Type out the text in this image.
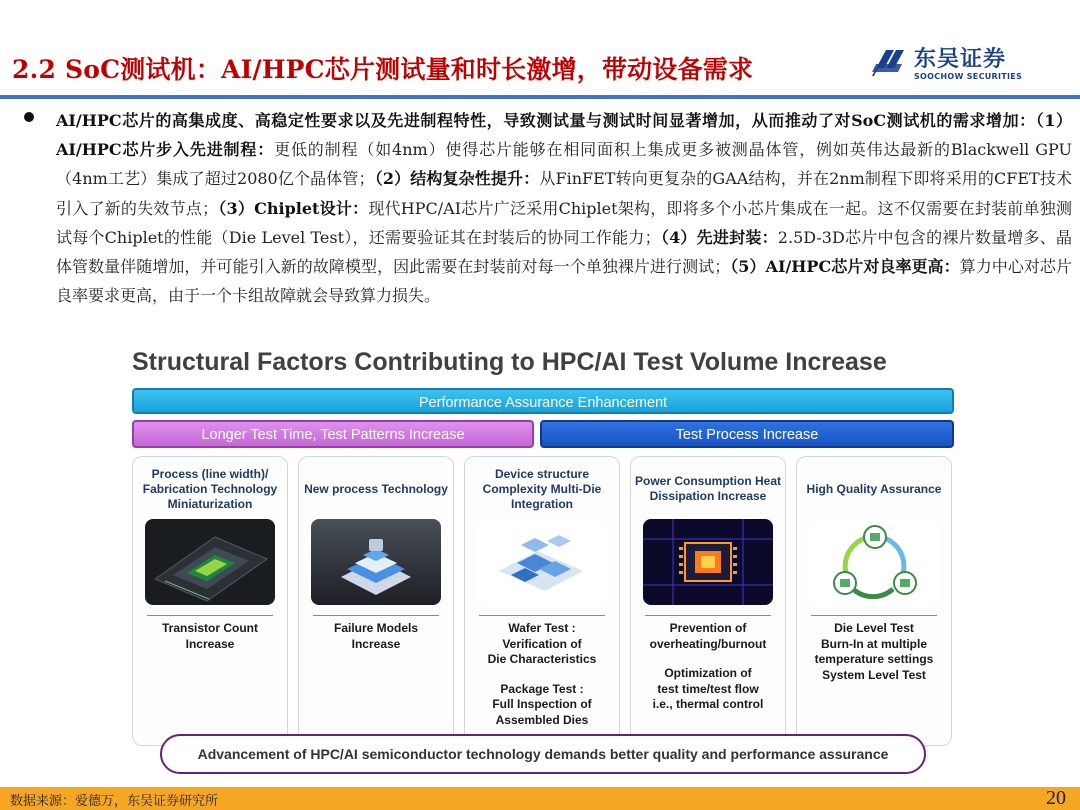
2.2 SoC测试机：AI/HPC芯片测试量和时长激增，带动设备需求	东吴证券
SOOCHOW SECURITIES

AI/HPC芯片的高集成度、高稳定性要求以及先进制程特性，导致测试量与测试时间显著增加，从而推动了对SoC测试机的需求增加：（1）AI/HPC芯片步入先进制程：更低的制程（如4nm）使得芯片能够在相同面积上集成更多被测晶体管，例如英伟达最新的Blackwell GPU（4nm工艺）集成了超过2080亿个晶体管；（2）结构复杂性提升：从FinFET转向更复杂的GAA结构，并在2nm制程下即将采用的CFET技术引入了新的失效节点；（3）Chiplet设计：现代HPC/AI芯片广泛采用Chiplet架构，即将多个小芯片集成在一起。这不仅需要在封装前单独测试每个Chiplet的性能（Die Level Test），还需要验证其在封装后的协同工作能力；（4）先进封装：2.5D-3D芯片中包含的裸片数量增多、晶体管数量伴随增加，并可能引入新的故障模型，因此需要在封装前对每一个单独裸片进行测试；（5）AI/HPC芯片对良率更高：算力中心对芯片良率要求更高，由于一个卡组故障就会导致算力损失。

Structural Factors Contributing to HPC/AI Test Volume Increase
Performance Assurance Enhancement
Longer Test Time, Test Patterns Increase	Test Process Increase
Process (line width)/ Fabrication Technology Miniaturization
Transistor Count
Increase
New process Technology
Failure Models
Increase
Device structure Complexity Multi-Die Integration
Wafer Test :
Verification of
Die Characteristics
Package Test :
Full Inspection of
Assembled Dies
Power Consumption Heat Dissipation Increase
Prevention of
overheating/burnout
Optimization of
test time/test flow
i.e., thermal control
High Quality Assurance
Die Level Test
Burn-In at multiple
temperature settings
System Level Test
Advancement of HPC/AI semiconductor technology demands better quality and performance assurance
数据来源：爱德万，东吴证券研究所	20
